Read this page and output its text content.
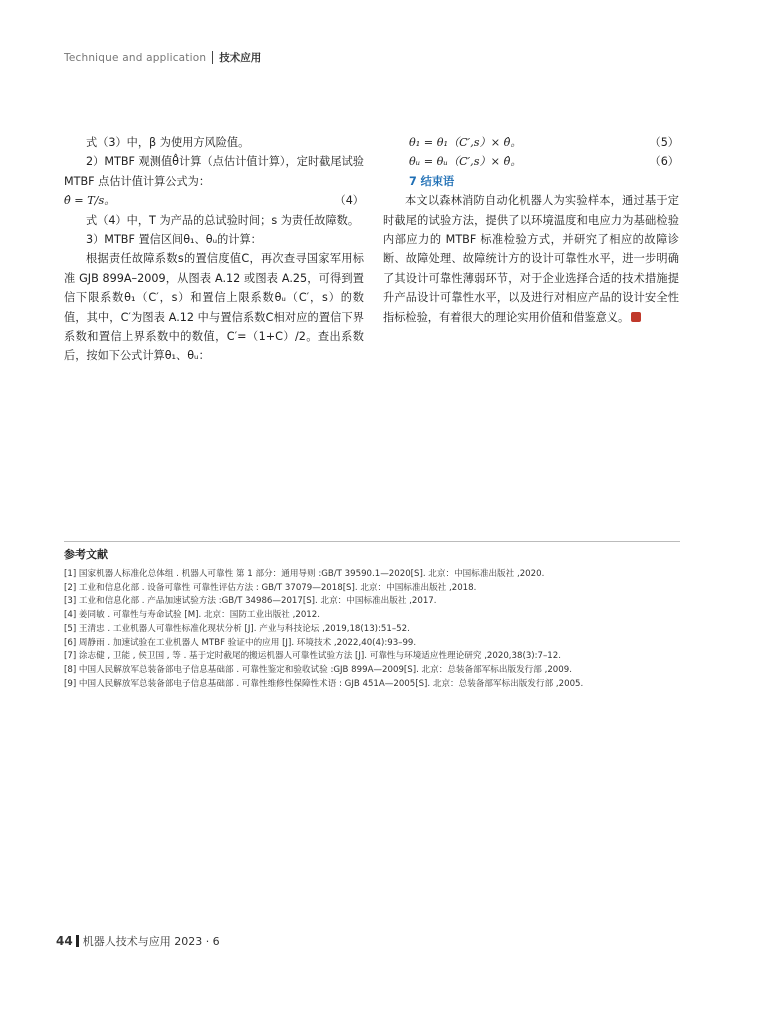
Technique and application 技术应用

式（3）中，β 为使用方风险值。

2）MTBF 观测值θ̂计算（点估计值计算），定时截尾试验 MTBF 点估计值计算公式为：

θ̂ = T/s。	（4）

式（4）中，T 为产品的总试验时间；s 为责任故障数。

3）MTBF 置信区间θ₁、θᵤ的计算：

根据责任故障系数s的置信度值C，再次查寻国家军用标准 GJB 899A–2009，从图表 A.12 或图表 A.25，可得到置信下限系数θ₁（C′，s）和置信上限系数θᵤ（C′，s）的数值，其中，C′为图表 A.12 中与置信系数C相对应的置信下界系数和置信上界系数中的数值，C′=（1+C）/2。查出系数后，按如下公式计算θ₁、θᵤ：

θ₁ = θ₁（C′,s）× θ̂。	（5）
θᵤ = θᵤ（C′,s）× θ̂。	（6）

7 结束语

本文以森林消防自动化机器人为实验样本，通过基于定时截尾的试验方法，提供了以环境温度和电应力为基础检验内部应力的 MTBF 标准检验方式，并研究了相应的故障诊断、故障处理、故障统计方的设计可靠性水平，进一步明确了其设计可靠性薄弱环节，对于企业选择合适的技术措施提升产品设计可靠性水平，以及进行对相应产品的设计安全性指标检验，有着很大的理论实用价值和借鉴意义。

参考文献

[1] 国家机器人标准化总体组 . 机器人可靠性 第 1 部分：通用导则 :GB/T 39590.1—2020[S]. 北京：中国标准出版社 ,2020.
[2] 工业和信息化部 . 设备可靠性 可靠性评估方法 : GB/T 37079—2018[S]. 北京：中国标准出版社 ,2018.
[3] 工业和信息化部 . 产品加速试验方法 :GB/T 34986—2017[S]. 北京：中国标准出版社 ,2017.
[4] 姜同敏 . 可靠性与寿命试验 [M]. 北京：国防工业出版社 ,2012.
[5] 王清忠 . 工业机器人可靠性标准化现状分析 [J]. 产业与科技论坛 ,2019,18(13):51–52.
[6] 周静雨 . 加速试验在工业机器人 MTBF 验证中的应用 [J]. 环境技术 ,2022,40(4):93–99.
[7] 涂志健 , 卫能 , 侯卫国 , 等 . 基于定时截尾的搬运机器人可靠性试验方法 [J]. 可靠性与环境适应性理论研究 ,2020,38(3):7–12.
[8] 中国人民解放军总装备部电子信息基础部 . 可靠性鉴定和验收试验 :GJB 899A—2009[S]. 北京：总装备部军标出版发行部 ,2009.
[9] 中国人民解放军总装备部电子信息基础部 . 可靠性维修性保障性术语 : GJB 451A—2005[S]. 北京：总装备部军标出版发行部 ,2005.
44 机器人技术与应用 2023 · 6
